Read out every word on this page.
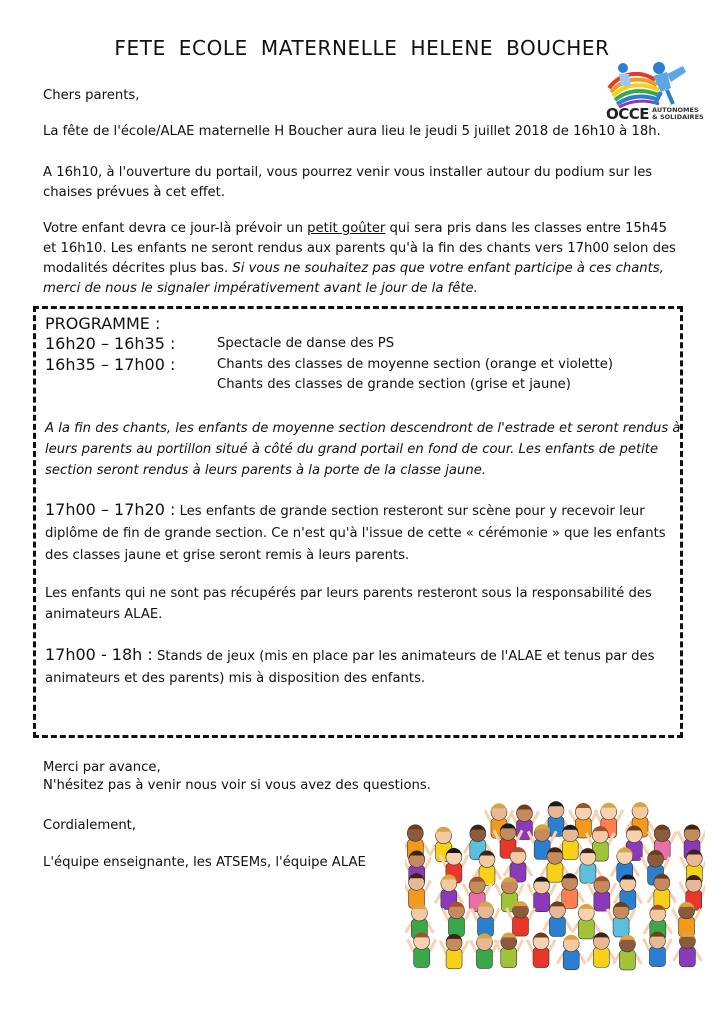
FETE ECOLE MATERNELLE HELENE BOUCHER
OCCE AUTONOMES
& SOLIDAIRES

Chers parents,

La fête de l'école/ALAE maternelle H Boucher aura lieu le jeudi 5 juillet 2018 de 16h10 à 18h.

A 16h10, à l'ouverture du portail, vous pourrez venir vous installer autour du podium sur les chaises prévues à cet effet.

Votre enfant devra ce jour-là prévoir un petit goûter qui sera pris dans les classes entre 15h45 et 16h10. Les enfants ne seront rendus aux parents qu'à la fin des chants vers 17h00 selon des modalités décrites plus bas. Si vous ne souhaitez pas que votre enfant participe à ces chants, merci de nous le signaler impérativement avant le jour de la fête.

PROGRAMME :
16h20 – 16h35 :	Spectacle de danse des PS
16h35 – 17h00 :	Chants des classes de moyenne section (orange et violette)
Chants des classes de grande section (grise et jaune)

A la fin des chants, les enfants de moyenne section descendront de l'estrade et seront rendus à leurs parents au portillon situé à côté du grand portail en fond de cour. Les enfants de petite section seront rendus à leurs parents à la porte de la classe jaune.

17h00 – 17h20 : Les enfants de grande section resteront sur scène pour y recevoir leur diplôme de fin de grande section. Ce n'est qu'à l'issue de cette « cérémonie » que les enfants des classes jaune et grise seront remis à leurs parents.

Les enfants qui ne sont pas récupérés par leurs parents resteront sous la responsabilité des animateurs ALAE.

17h00 - 18h : Stands de jeux (mis en place par les animateurs de l'ALAE et tenus par des animateurs et des parents) mis à disposition des enfants.

Merci par avance,

N'hésitez pas à venir nous voir si vous avez des questions.

Cordialement,

L'équipe enseignante, les ATSEMs, l'équipe ALAE
